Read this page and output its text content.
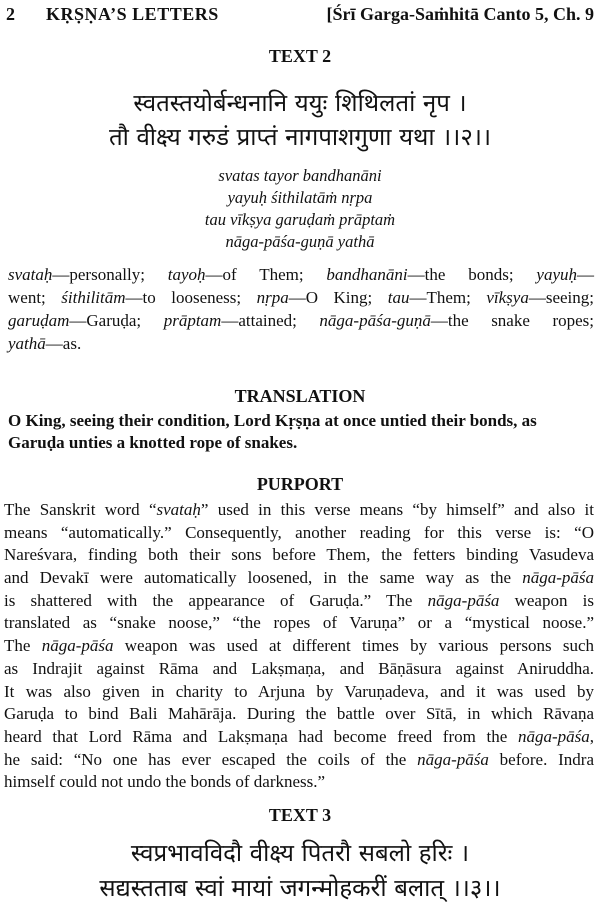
2	KṚṢṆA’S LETTERS	[Śrī Garga-Saṁhitā Canto 5, Ch. 9
TEXT 2
स्वतस्तयोर्बन्धनानि ययुः शिथिलतां नृप ।
तौ वीक्ष्य गरुडं प्राप्तं नागपाशगुणा यथा ।।२।।
svatas tayor bandhanāni
yayuḥ śithilatāṁ nṛpa
tau vīkṣya garuḍaṁ prāptaṁ
nāga-pāśa-guṇā yathā
svataḥ—personally; tayoḥ—of Them; bandhanāni—the bonds; yayuḥ—
went; śithilitām—to looseness; nṛpa—O King; tau—Them; vīkṣya—seeing;
garuḍam—Garuḍa; prāptam—attained; nāga-pāśa-guṇā—the snake ropes;
yathā—as.
TRANSLATION
O King, seeing their condition, Lord Kṛṣṇa at once untied their bonds, as
Garuḍa unties a knotted rope of snakes.
PURPORT
The Sanskrit word “svataḥ” used in this verse means “by himself” and also it
means “automatically.” Consequently, another reading for this verse is: “O
Nareśvara, finding both their sons before Them, the fetters binding Vasudeva
and Devakī were automatically loosened, in the same way as the nāga-pāśa
is shattered with the appearance of Garuḍa.” The nāga-pāśa weapon is
translated as “snake noose,” “the ropes of Varuṇa” or a “mystical noose.”
The nāga-pāśa weapon was used at different times by various persons such
as Indrajit against Rāma and Lakṣmaṇa, and Bāṇāsura against Aniruddha.
It was also given in charity to Arjuna by Varuṇadeva, and it was used by
Garuḍa to bind Bali Mahārāja. During the battle over Sītā, in which Rāvaṇa
heard that Lord Rāma and Lakṣmaṇa had become freed from the nāga-pāśa,
he said: “No one has ever escaped the coils of the nāga-pāśa before. Indra
himself could not undo the bonds of darkness.”
TEXT 3
स्वप्रभावविदौ वीक्ष्य पितरौ सबलो हरिः ।
सद्यस्तताब स्वां मायां जगन्मोहकरीं बलात् ।।३।।
